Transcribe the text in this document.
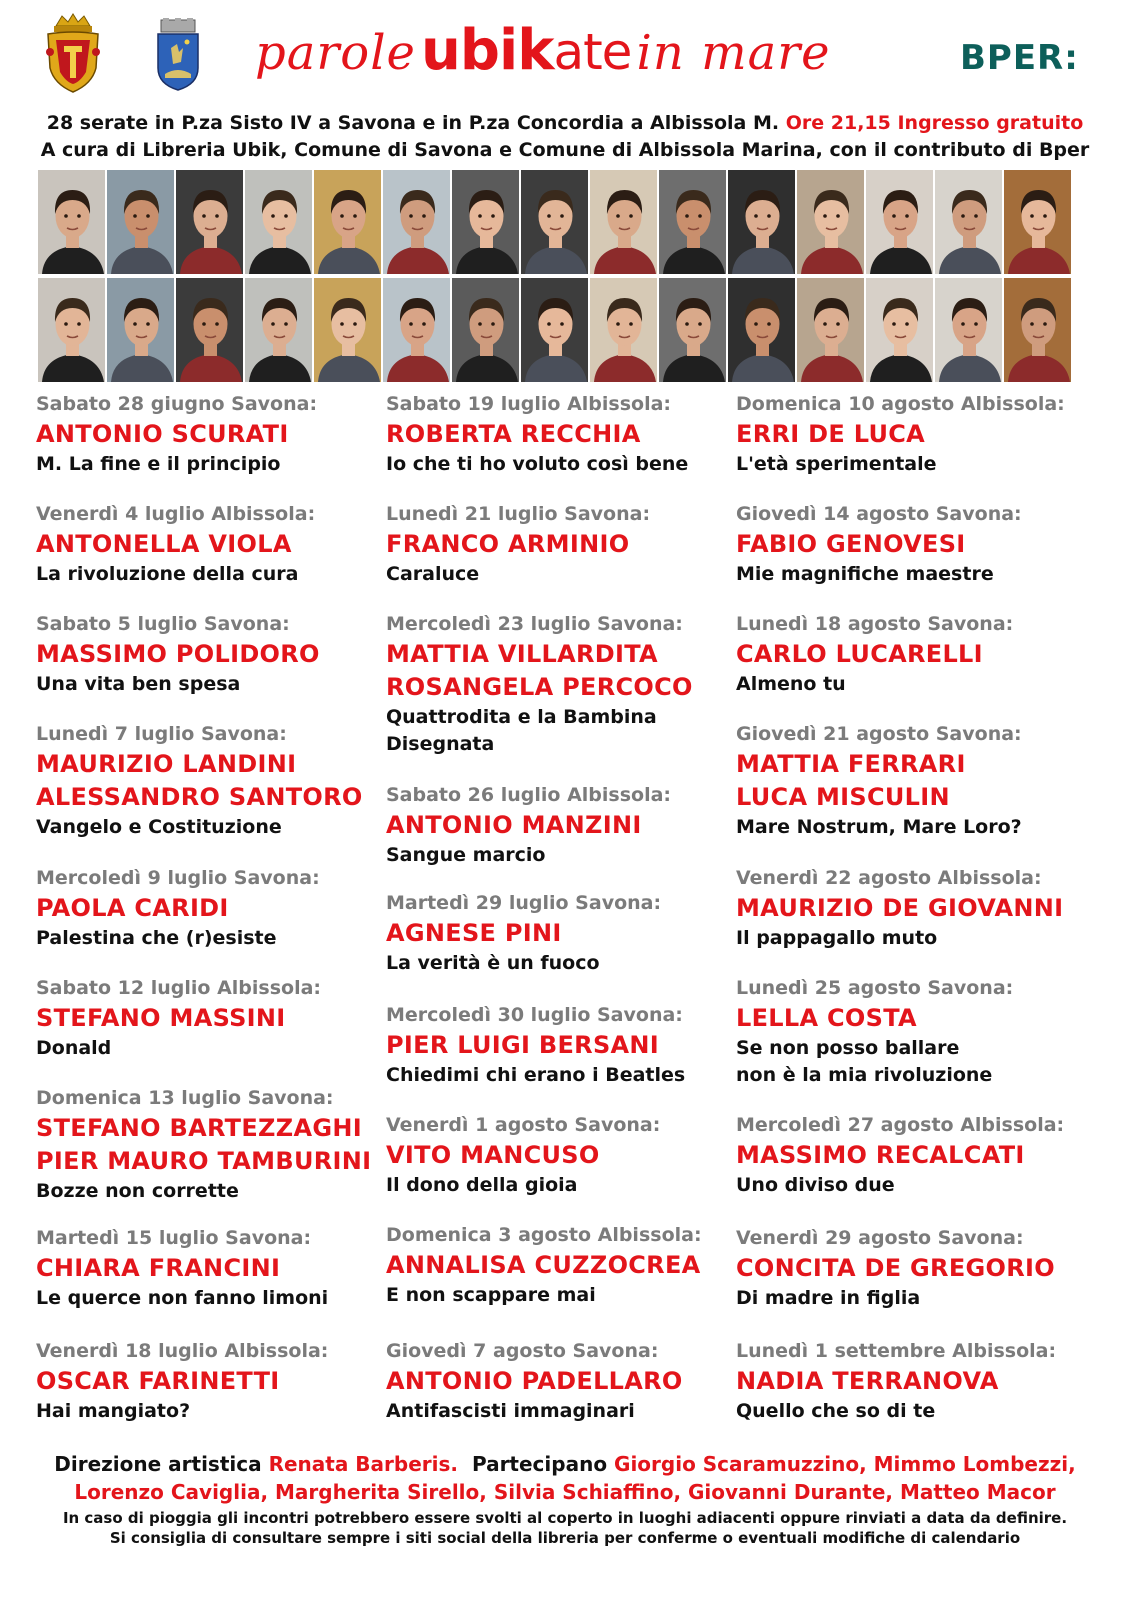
parole ubikate in mare	BPER:
28 serate in P.za Sisto IV a Savona e in P.za Concordia a Albissola M. Ore 21,15 Ingresso gratuito
A cura di Libreria Ubik, Comune di Savona e Comune di Albissola Marina, con il contributo di Bper
Sabato 28 giugno Savona:
ANTONIO SCURATI
M. La fine e il principio
Venerdì 4 luglio Albissola:
ANTONELLA VIOLA
La rivoluzione della cura
Sabato 5 luglio Savona:
MASSIMO POLIDORO
Una vita ben spesa
Lunedì 7 luglio Savona:
MAURIZIO LANDINI
ALESSANDRO SANTORO
Vangelo e Costituzione
Mercoledì 9 luglio Savona:
PAOLA CARIDI
Palestina che (r)esiste
Sabato 12 luglio Albissola:
STEFANO MASSINI
Donald
Domenica 13 luglio Savona:
STEFANO BARTEZZAGHI
PIER MAURO TAMBURINI
Bozze non corrette
Martedì 15 luglio Savona:
CHIARA FRANCINI
Le querce non fanno limoni
Venerdì 18 luglio Albissola:
OSCAR FARINETTI
Hai mangiato?
Sabato 19 luglio Albissola:
ROBERTA RECCHIA
Io che ti ho voluto così bene
Lunedì 21 luglio Savona:
FRANCO ARMINIO
Caraluce
Mercoledì 23 luglio Savona:
MATTIA VILLARDITA
ROSANGELA PERCOCO
Quattrodita e la Bambina
Disegnata
Sabato 26 luglio Albissola:
ANTONIO MANZINI
Sangue marcio
Martedì 29 luglio Savona:
AGNESE PINI
La verità è un fuoco
Mercoledì 30 luglio Savona:
PIER LUIGI BERSANI
Chiedimi chi erano i Beatles
Venerdì 1 agosto Savona:
VITO MANCUSO
Il dono della gioia
Domenica 3 agosto Albissola:
ANNALISA CUZZOCREA
E non scappare mai
Giovedì 7 agosto Savona:
ANTONIO PADELLARO
Antifascisti immaginari
Domenica 10 agosto Albissola:
ERRI DE LUCA
L'età sperimentale
Giovedì 14 agosto Savona:
FABIO GENOVESI
Mie magnifiche maestre
Lunedì 18 agosto Savona:
CARLO LUCARELLI
Almeno tu
Giovedì 21 agosto Savona:
MATTIA FERRARI
LUCA MISCULIN
Mare Nostrum, Mare Loro?
Venerdì 22 agosto Albissola:
MAURIZIO DE GIOVANNI
Il pappagallo muto
Lunedì 25 agosto Savona:
LELLA COSTA
Se non posso ballare
non è la mia rivoluzione
Mercoledì 27 agosto Albissola:
MASSIMO RECALCATI
Uno diviso due
Venerdì 29 agosto Savona:
CONCITA DE GREGORIO
Di madre in figlia
Lunedì 1 settembre Albissola:
NADIA TERRANOVA
Quello che so di te
Direzione artistica Renata Barberis. Partecipano Giorgio Scaramuzzino, Mimmo Lombezzi,
Lorenzo Caviglia, Margherita Sirello, Silvia Schiaffino, Giovanni Durante, Matteo Macor
In caso di pioggia gli incontri potrebbero essere svolti al coperto in luoghi adiacenti oppure rinviati a data da definire.
Si consiglia di consultare sempre i siti social della libreria per conferme o eventuali modifiche di calendario
